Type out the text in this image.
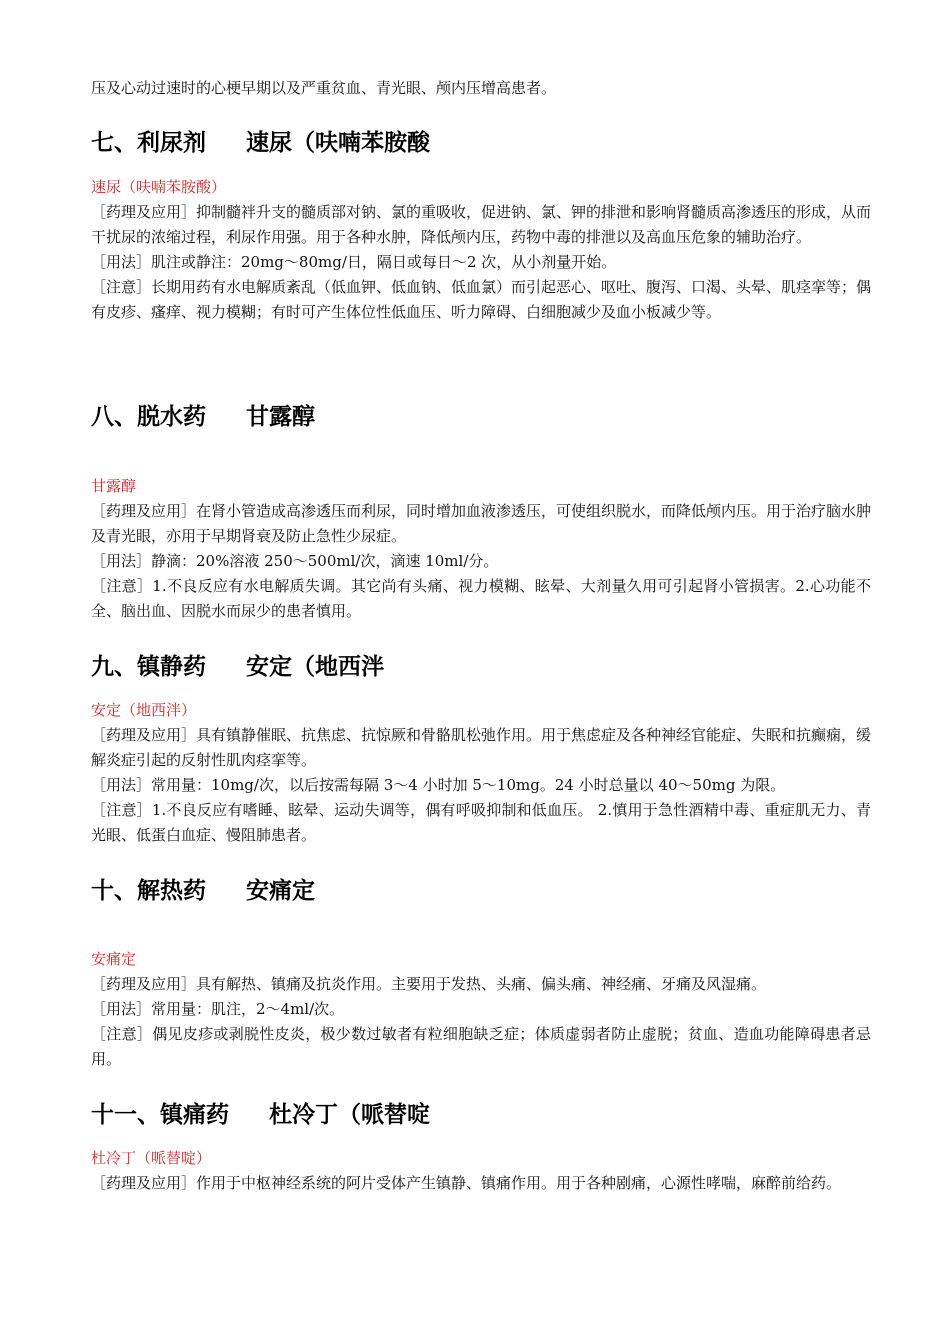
压及心动过速时的心梗早期以及严重贫血、青光眼、颅内压增高患者。

七、利尿剂 速尿（呋喃苯胺酸

速尿（呋喃苯胺酸）

［药理及应用］抑制髓袢升支的髓质部对钠、氯的重吸收，促进钠、氯、钾的排泄和影响肾髓质高渗透压的形成，从而干扰尿的浓缩过程，利尿作用强。用于各种水肿，降低颅内压，药物中毒的排泄以及高血压危象的辅助治疗。

［用法］肌注或静注：20mg～80mg/日，隔日或每日～2 次，从小剂量开始。

［注意］长期用药有水电解质紊乱（低血钾、低血钠、低血氯）而引起恶心、呕吐、腹泻、口渴、头晕、肌痉挛等；偶有皮疹、瘙痒、视力模糊；有时可产生体位性低血压、听力障碍、白细胞减少及血小板减少等。

八、脱水药 甘露醇

甘露醇

［药理及应用］在肾小管造成高渗透压而利尿，同时增加血液渗透压，可使组织脱水，而降低颅内压。用于治疗脑水肿及青光眼，亦用于早期肾衰及防止急性少尿症。

［用法］静滴：20%溶液 250～500ml/次，滴速 10ml/分。

［注意］1.不良反应有水电解质失调。其它尚有头痛、视力模糊、眩晕、大剂量久用可引起肾小管损害。2.心功能不全、脑出血、因脱水而尿少的患者慎用。

九、镇静药 安定（地西泮

安定（地西泮）

［药理及应用］具有镇静催眠、抗焦虑、抗惊厥和骨骼肌松弛作用。用于焦虑症及各种神经官能症、失眠和抗癫痫，缓解炎症引起的反射性肌肉痉挛等。

［用法］常用量：10mg/次，以后按需每隔 3～4 小时加 5～10mg。24 小时总量以 40～50mg 为限。

［注意］1.不良反应有嗜睡、眩晕、运动失调等，偶有呼吸抑制和低血压。 2.慎用于急性酒精中毒、重症肌无力、青光眼、低蛋白血症、慢阻肺患者。

十、解热药 安痛定

安痛定

［药理及应用］具有解热、镇痛及抗炎作用。主要用于发热、头痛、偏头痛、神经痛、牙痛及风湿痛。

［用法］常用量：肌注，2～4ml/次。

［注意］偶见皮疹或剥脱性皮炎，极少数过敏者有粒细胞缺乏症；体质虚弱者防止虚脱；贫血、造血功能障碍患者忌用。

十一、镇痛药 杜冷丁（哌替啶

杜冷丁（哌替啶）

［药理及应用］作用于中枢神经系统的阿片受体产生镇静、镇痛作用。用于各种剧痛，心源性哮喘，麻醉前给药。
